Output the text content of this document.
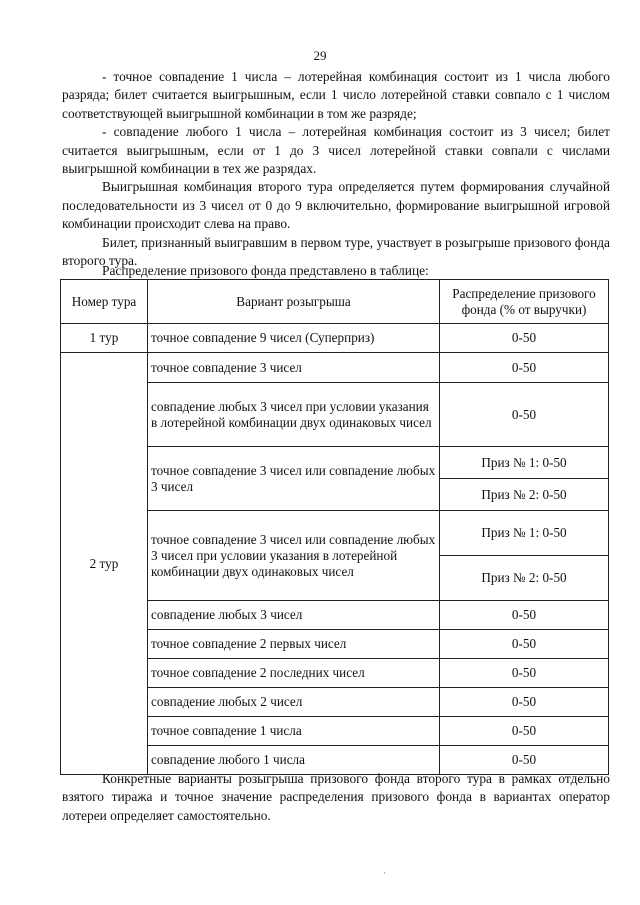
29

- точное совпадение 1 числа – лотерейная комбинация состоит из 1 числа любого разряда; билет считается выигрышным, если 1 число лотерейной ставки совпало с 1 числом соответствующей выигрышной комбинации в том же разряде;

- совпадение любого 1 числа – лотерейная комбинация состоит из 3 чисел; билет считается выигрышным, если от 1 до 3 чисел лотерейной ставки совпали с числами выигрышной комбинации в тех же разрядах.

Выигрышная комбинация второго тура определяется путем формирования случайной последовательности из 3 чисел от 0 до 9 включительно, формирование выигрышной игровой комбинации происходит слева на право.

Билет, признанный выигравшим в первом туре, участвует в розыгрыше призового фонда второго тура.

Распределение призового фонда представлено в таблице:
Номер тура	Вариант розыгрыша	Распределение призового фонда (% от выручки)
1 тур	точное совпадение 9 чисел (Суперприз)	0-50
2 тур	точное совпадение 3 чисел	0-50
	совпадение любых 3 чисел при условии указания в лотерейной комбинации двух одинаковых чисел	0-50
	точное совпадение 3 чисел или совпадение любых 3 чисел	Приз № 1: 0-50
		Приз № 2: 0-50
	точное совпадение 3 чисел или совпадение любых 3 чисел при условии указания в лотерейной комбинации двух одинаковых чисел	Приз № 1: 0-50
		Приз № 2: 0-50
	совпадение любых 3 чисел	0-50
	точное совпадение 2 первых чисел	0-50
	точное совпадение 2 последних чисел	0-50
	совпадение любых 2 чисел	0-50
	точное совпадение 1 числа	0-50
	совпадение любого 1 числа	0-50

Конкретные варианты розыгрыша призового фонда второго тура в рамках отдельно взятого тиража и точное значение распределения призового фонда в вариантах оператор лотереи определяет самостоятельно.

·
